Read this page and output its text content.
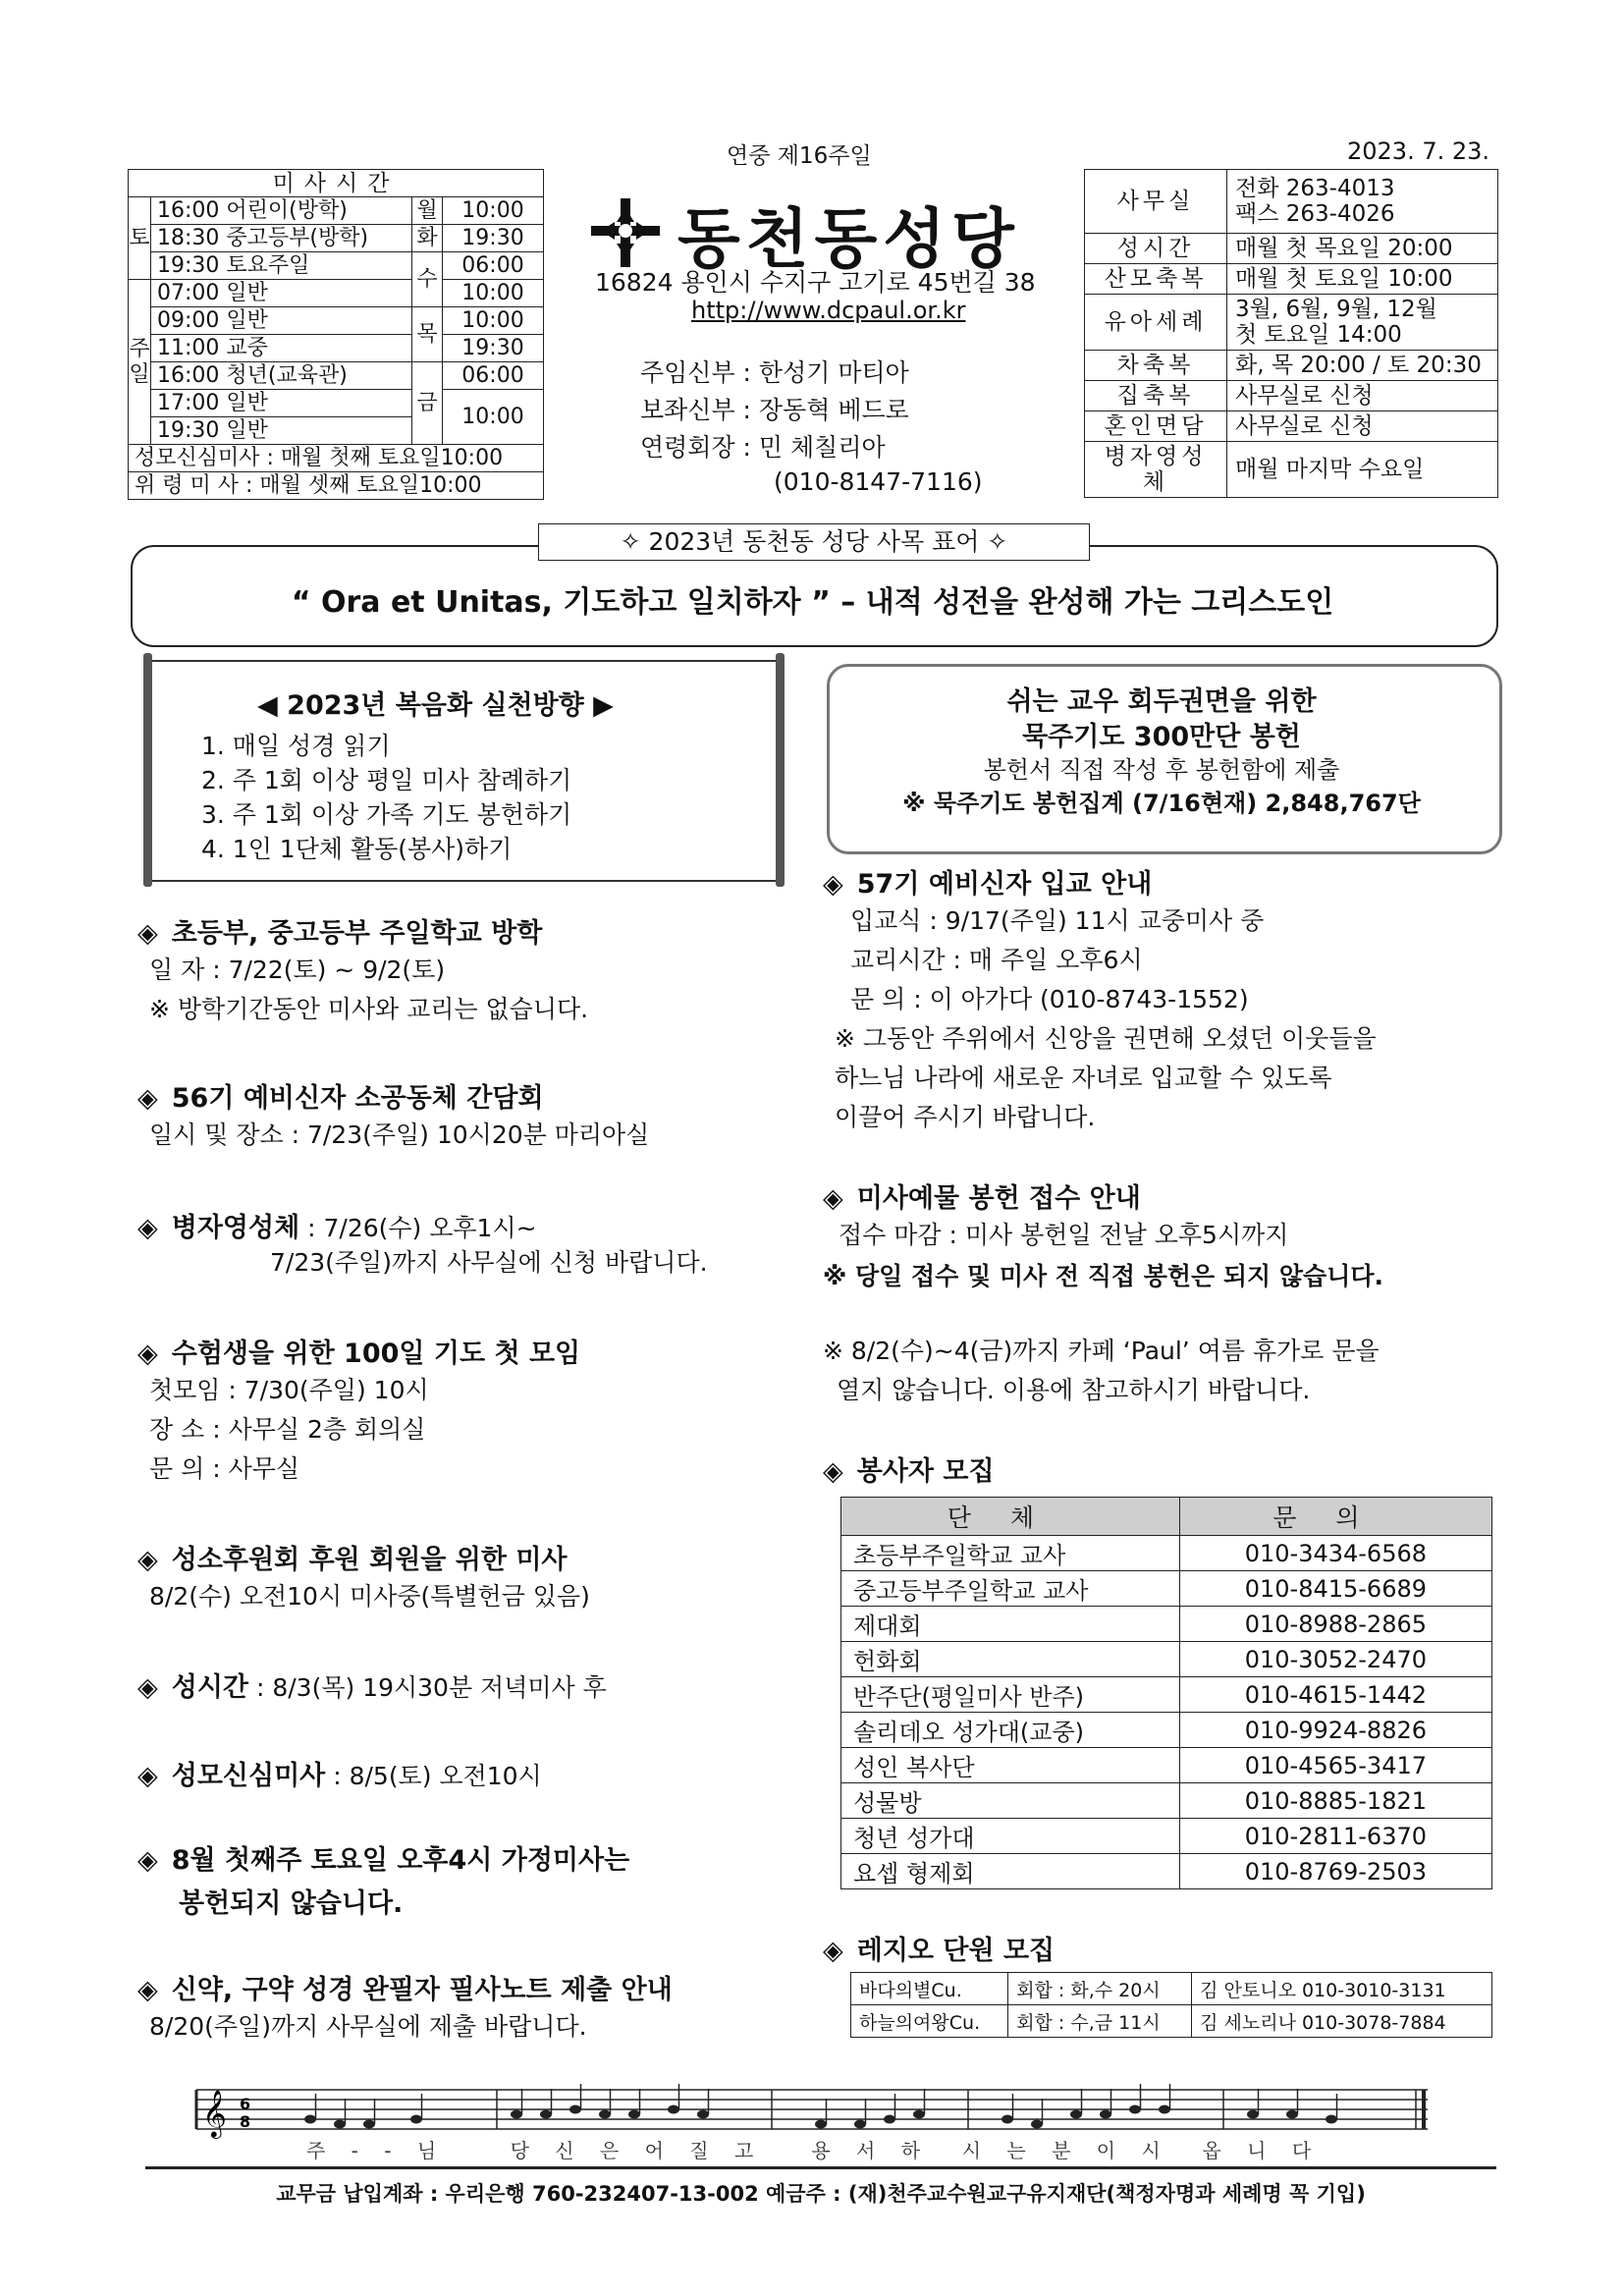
연중 제16주일	2023. 7. 23.
미사시간			
토	16:00 어린이(방학)	월	10:00
	18:30 중고등부(방학)	화	19:30
	19:30 토요주일	수	06:00
주일	07:00 일반		10:00
	09:00 일반	목	10:00
	11:00 교중		19:30
	16:00 청년(교육관)	금	06:00
	17:00 일반		10:00
	19:30 일반		
성모신심미사 : 매월 첫째 토요일10:00			
위 령 미 사 : 매월 셋째 토요일10:00			
동천동성당
16824 용인시 수지구 고기로 45번길 38
http://www.dcpaul.or.kr
주임신부 : 한성기 마티아
보좌신부 : 장동혁 베드로
연령회장 : 민 체칠리아
(010-8147-7116)
사무실	전화 263-4013
팩스 263-4026
성시간	매월 첫 목요일 20:00
산모축복	매월 첫 토요일 10:00
유아세례	3월, 6월, 9월, 12월
첫 토요일 14:00
차축복	화, 목 20:00 / 토 20:30
집축복	사무실로 신청
혼인면담	사무실로 신청
병자영성체	매월 마지막 수요일
✧ 2023년 동천동 성당 사목 표어 ✧
“ Ora et Unitas, 기도하고 일치하자 ” – 내적 성전을 완성해 가는 그리스도인
◀ 2023년 복음화 실천방향 ▶
1. 매일 성경 읽기
2. 주 1회 이상 평일 미사 참례하기
3. 주 1회 이상 가족 기도 봉헌하기
4. 1인 1단체 활동(봉사)하기
쉬는 교우 회두권면을 위한
묵주기도 300만단 봉헌
봉헌서 직접 작성 후 봉헌함에 제출
※ 묵주기도 봉헌집계 (7/16현재) 2,848,767단
◈ 초등부, 중고등부 주일학교 방학
일 자 : 7/22(토) ~ 9/2(토)
※ 방학기간동안 미사와 교리는 없습니다.
◈ 56기 예비신자 소공동체 간담회
일시 및 장소 : 7/23(주일) 10시20분 마리아실
◈ 병자영성체 : 7/26(수) 오후1시~
7/23(주일)까지 사무실에 신청 바랍니다.
◈ 수험생을 위한 100일 기도 첫 모임
첫모임 : 7/30(주일) 10시
장 소 : 사무실 2층 회의실
문 의 : 사무실
◈ 성소후원회 후원 회원을 위한 미사
8/2(수) 오전10시 미사중(특별헌금 있음)
◈ 성시간 : 8/3(목) 19시30분 저녁미사 후
◈ 성모신심미사 : 8/5(토) 오전10시
◈ 8월 첫째주 토요일 오후4시 가정미사는
봉헌되지 않습니다.
◈ 신약, 구약 성경 완필자 필사노트 제출 안내
8/20(주일)까지 사무실에 제출 바랍니다.
◈ 57기 예비신자 입교 안내
입교식 : 9/17(주일) 11시 교중미사 중
교리시간 : 매 주일 오후6시
문 의 : 이 아가다 (010-8743-1552)
※ 그동안 주위에서 신앙을 권면해 오셨던 이웃들을
하느님 나라에 새로운 자녀로 입교할 수 있도록
이끌어 주시기 바랍니다.
◈ 미사예물 봉헌 접수 안내
접수 마감 : 미사 봉헌일 전날 오후5시까지
※ 당일 접수 및 미사 전 직접 봉헌은 되지 않습니다.
※ 8/2(수)~4(금)까지 카페 ‘Paul’ 여름 휴가로 문을
열지 않습니다. 이용에 참고하시기 바랍니다.
◈ 봉사자 모집
단체	문의
초등부주일학교 교사	010-3434-6568
중고등부주일학교 교사	010-8415-6689
제대회	010-8988-2865
헌화회	010-3052-2470
반주단(평일미사 반주)	010-4615-1442
솔리데오 성가대(교중)	010-9924-8826
성인 복사단	010-4565-3417
성물방	010-8885-1821
청년 성가대	010-2811-6370
요셉 형제회	010-8769-2503
◈ 레지오 단원 모집
바다의별Cu.	회합 : 화,수 20시	김 안토니오 010-3010-3131
하늘의여왕Cu.	회합 : 수,금 11시	김 세노리나 010-3078-7884
𝄞 6
8
주 - - 님    당 신 은 어 질 고   용 서 하  시 는 분 이 시  옵 니 다
교무금 납입계좌 : 우리은행 760-232407-13-002 예금주 : (재)천주교수원교구유지재단(책정자명과 세례명 꼭 기입)
